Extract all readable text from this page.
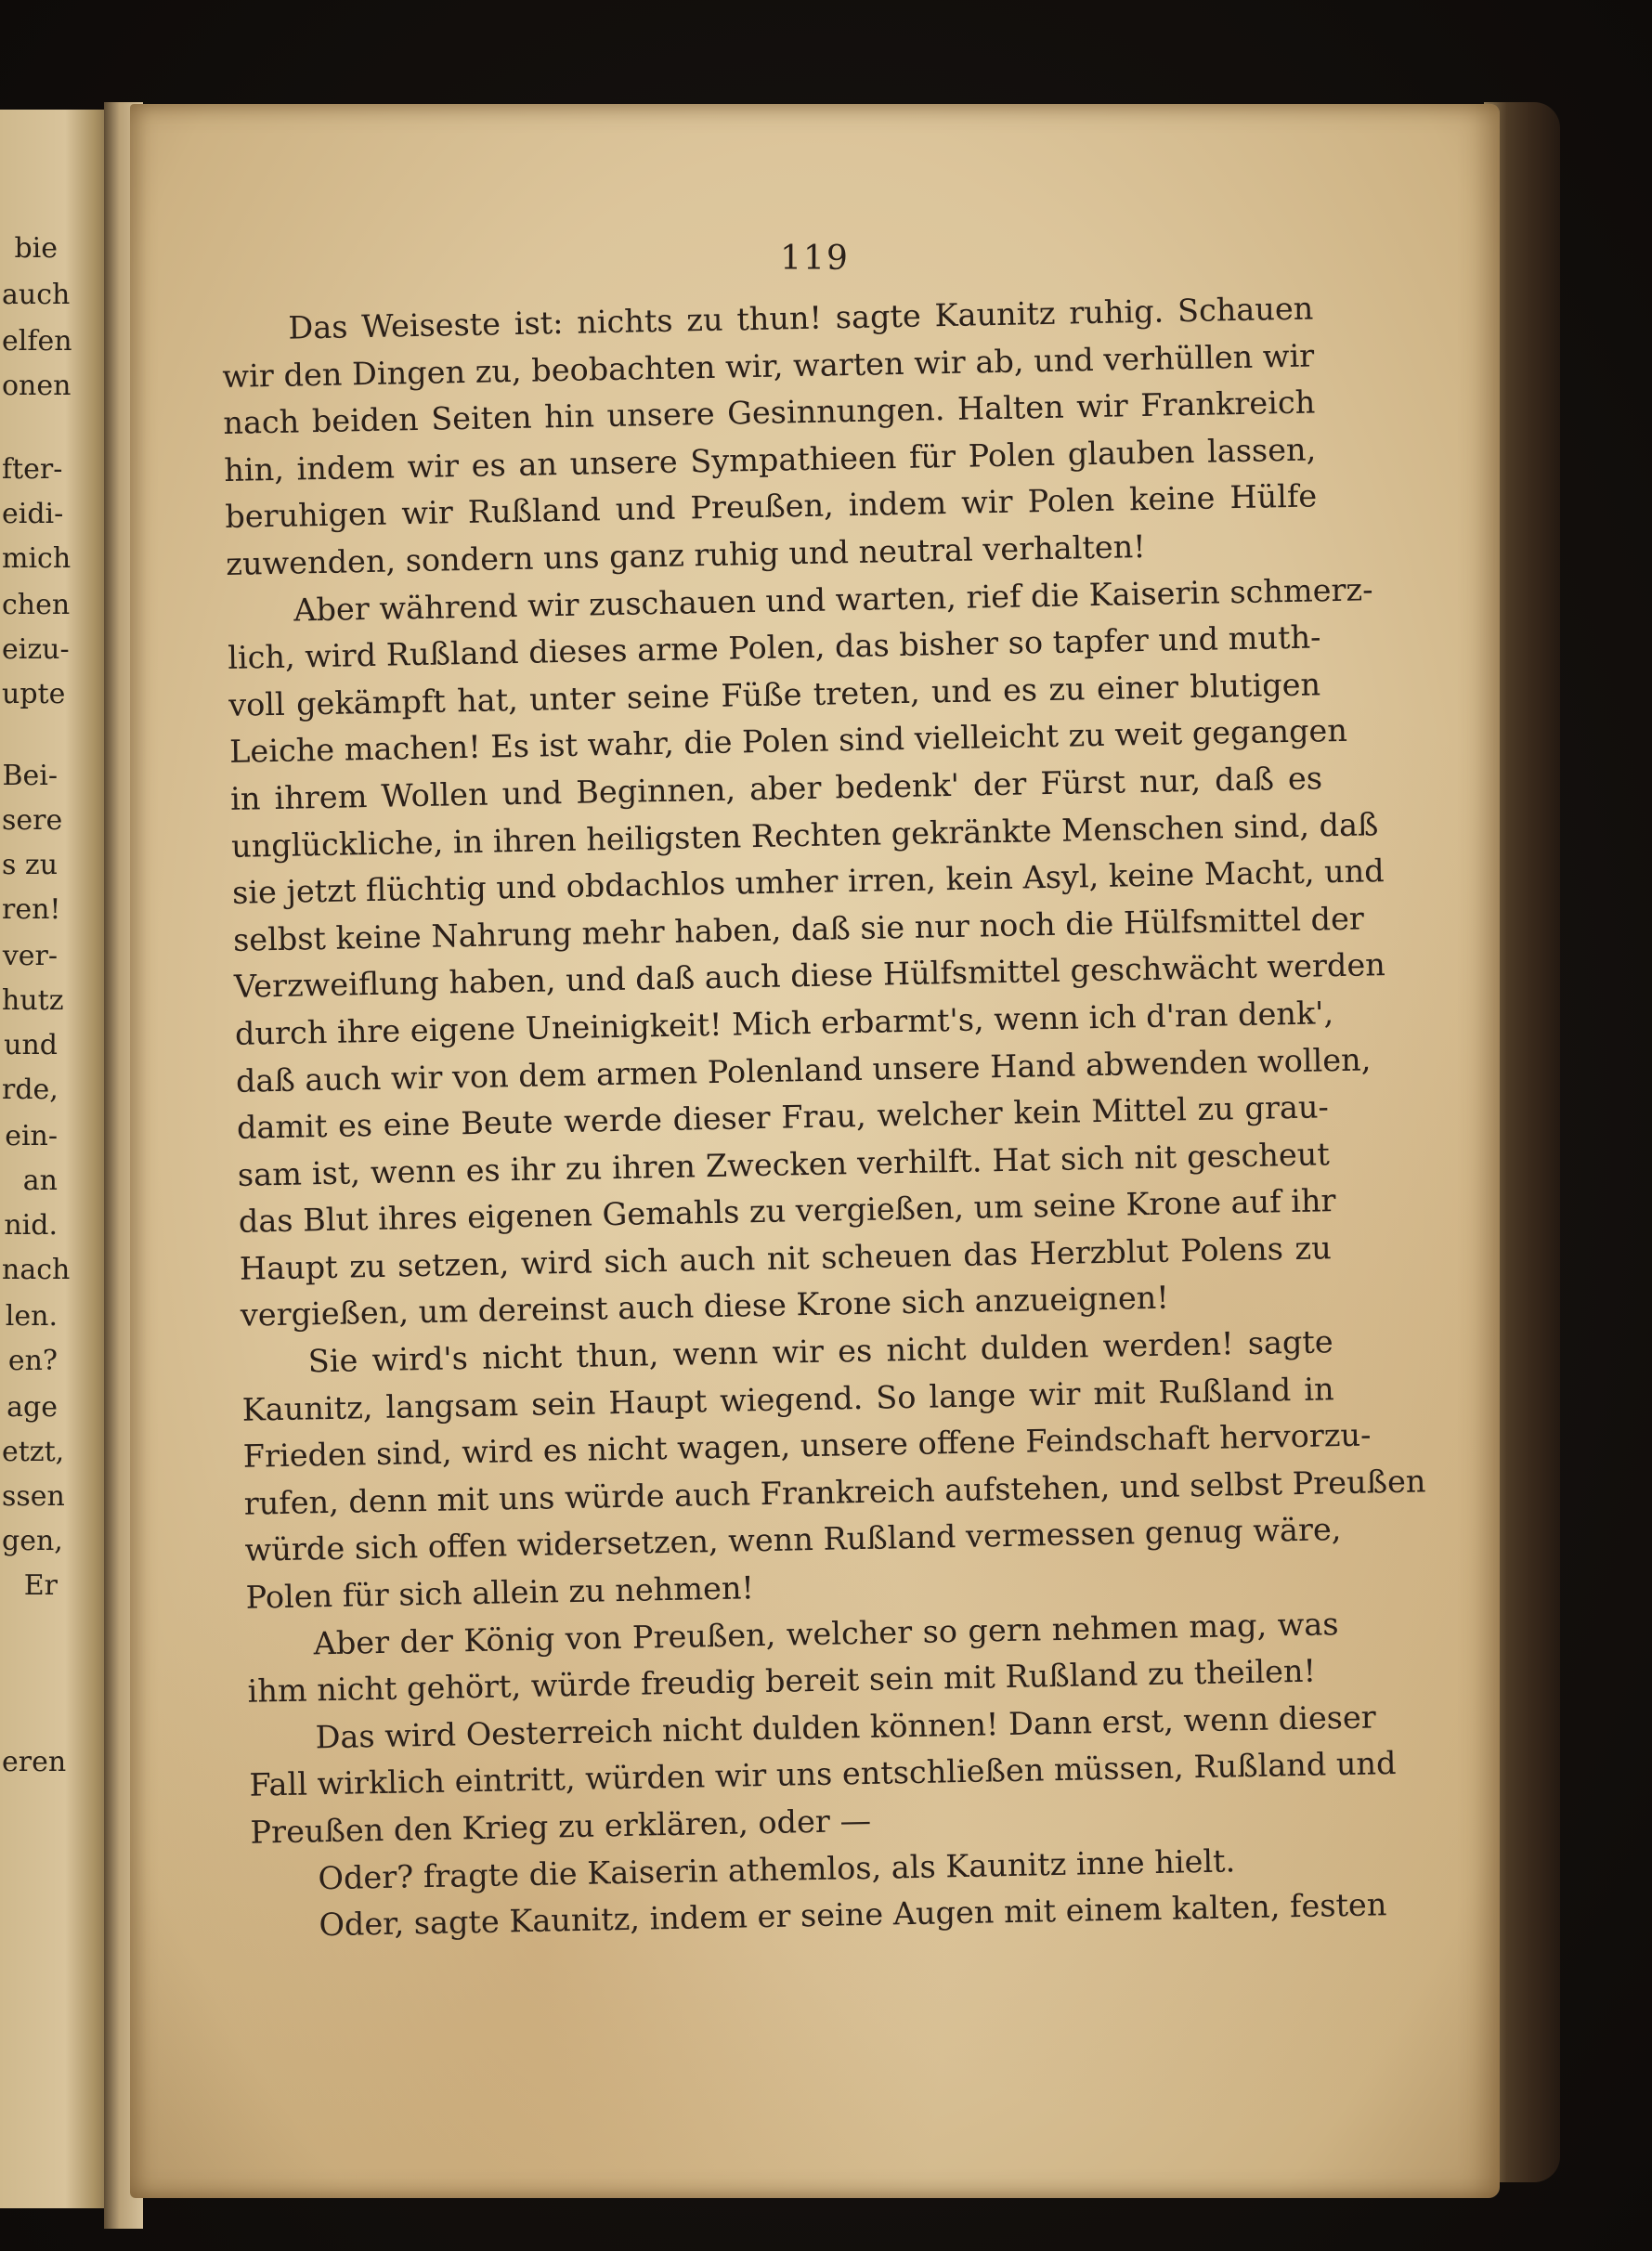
bie
auch
elfen
onen
fter-
eidi-
mich
chen
eizu-
upte
Bei-
sere
s zu
ren!
ver-
hutz
und
rde,
ein-
an
nid.
nach
len.
en?
age
etzt,
ssen
gen,
Er
eren
119
Das Weiseste ist: nichts zu thun! sagte Kaunitz ruhig. Schauen
wir den Dingen zu, beobachten wir, warten wir ab, und verhüllen wir
nach beiden Seiten hin unsere Gesinnungen. Halten wir Frankreich
hin, indem wir es an unsere Sympathieen für Polen glauben lassen,
beruhigen wir Rußland und Preußen, indem wir Polen keine Hülfe
zuwenden, sondern uns ganz ruhig und neutral verhalten!
Aber während wir zuschauen und warten, rief die Kaiserin schmerz-
lich, wird Rußland dieses arme Polen, das bisher so tapfer und muth-
voll gekämpft hat, unter seine Füße treten, und es zu einer blutigen
Leiche machen! Es ist wahr, die Polen sind vielleicht zu weit gegangen
in ihrem Wollen und Beginnen, aber bedenk' der Fürst nur, daß es
unglückliche, in ihren heiligsten Rechten gekränkte Menschen sind, daß
sie jetzt flüchtig und obdachlos umher irren, kein Asyl, keine Macht, und
selbst keine Nahrung mehr haben, daß sie nur noch die Hülfsmittel der
Verzweiflung haben, und daß auch diese Hülfsmittel geschwächt werden
durch ihre eigene Uneinigkeit! Mich erbarmt's, wenn ich d'ran denk',
daß auch wir von dem armen Polenland unsere Hand abwenden wollen,
damit es eine Beute werde dieser Frau, welcher kein Mittel zu grau-
sam ist, wenn es ihr zu ihren Zwecken verhilft. Hat sich nit gescheut
das Blut ihres eigenen Gemahls zu vergießen, um seine Krone auf ihr
Haupt zu setzen, wird sich auch nit scheuen das Herzblut Polens zu
vergießen, um dereinst auch diese Krone sich anzueignen!
Sie wird's nicht thun, wenn wir es nicht dulden werden! sagte
Kaunitz, langsam sein Haupt wiegend. So lange wir mit Rußland in
Frieden sind, wird es nicht wagen, unsere offene Feindschaft hervorzu-
rufen, denn mit uns würde auch Frankreich aufstehen, und selbst Preußen
würde sich offen widersetzen, wenn Rußland vermessen genug wäre,
Polen für sich allein zu nehmen!
Aber der König von Preußen, welcher so gern nehmen mag, was
ihm nicht gehört, würde freudig bereit sein mit Rußland zu theilen!
Das wird Oesterreich nicht dulden können! Dann erst, wenn dieser
Fall wirklich eintritt, würden wir uns entschließen müssen, Rußland und
Preußen den Krieg zu erklären, oder —
Oder? fragte die Kaiserin athemlos, als Kaunitz inne hielt.
Oder, sagte Kaunitz, indem er seine Augen mit einem kalten, festen
